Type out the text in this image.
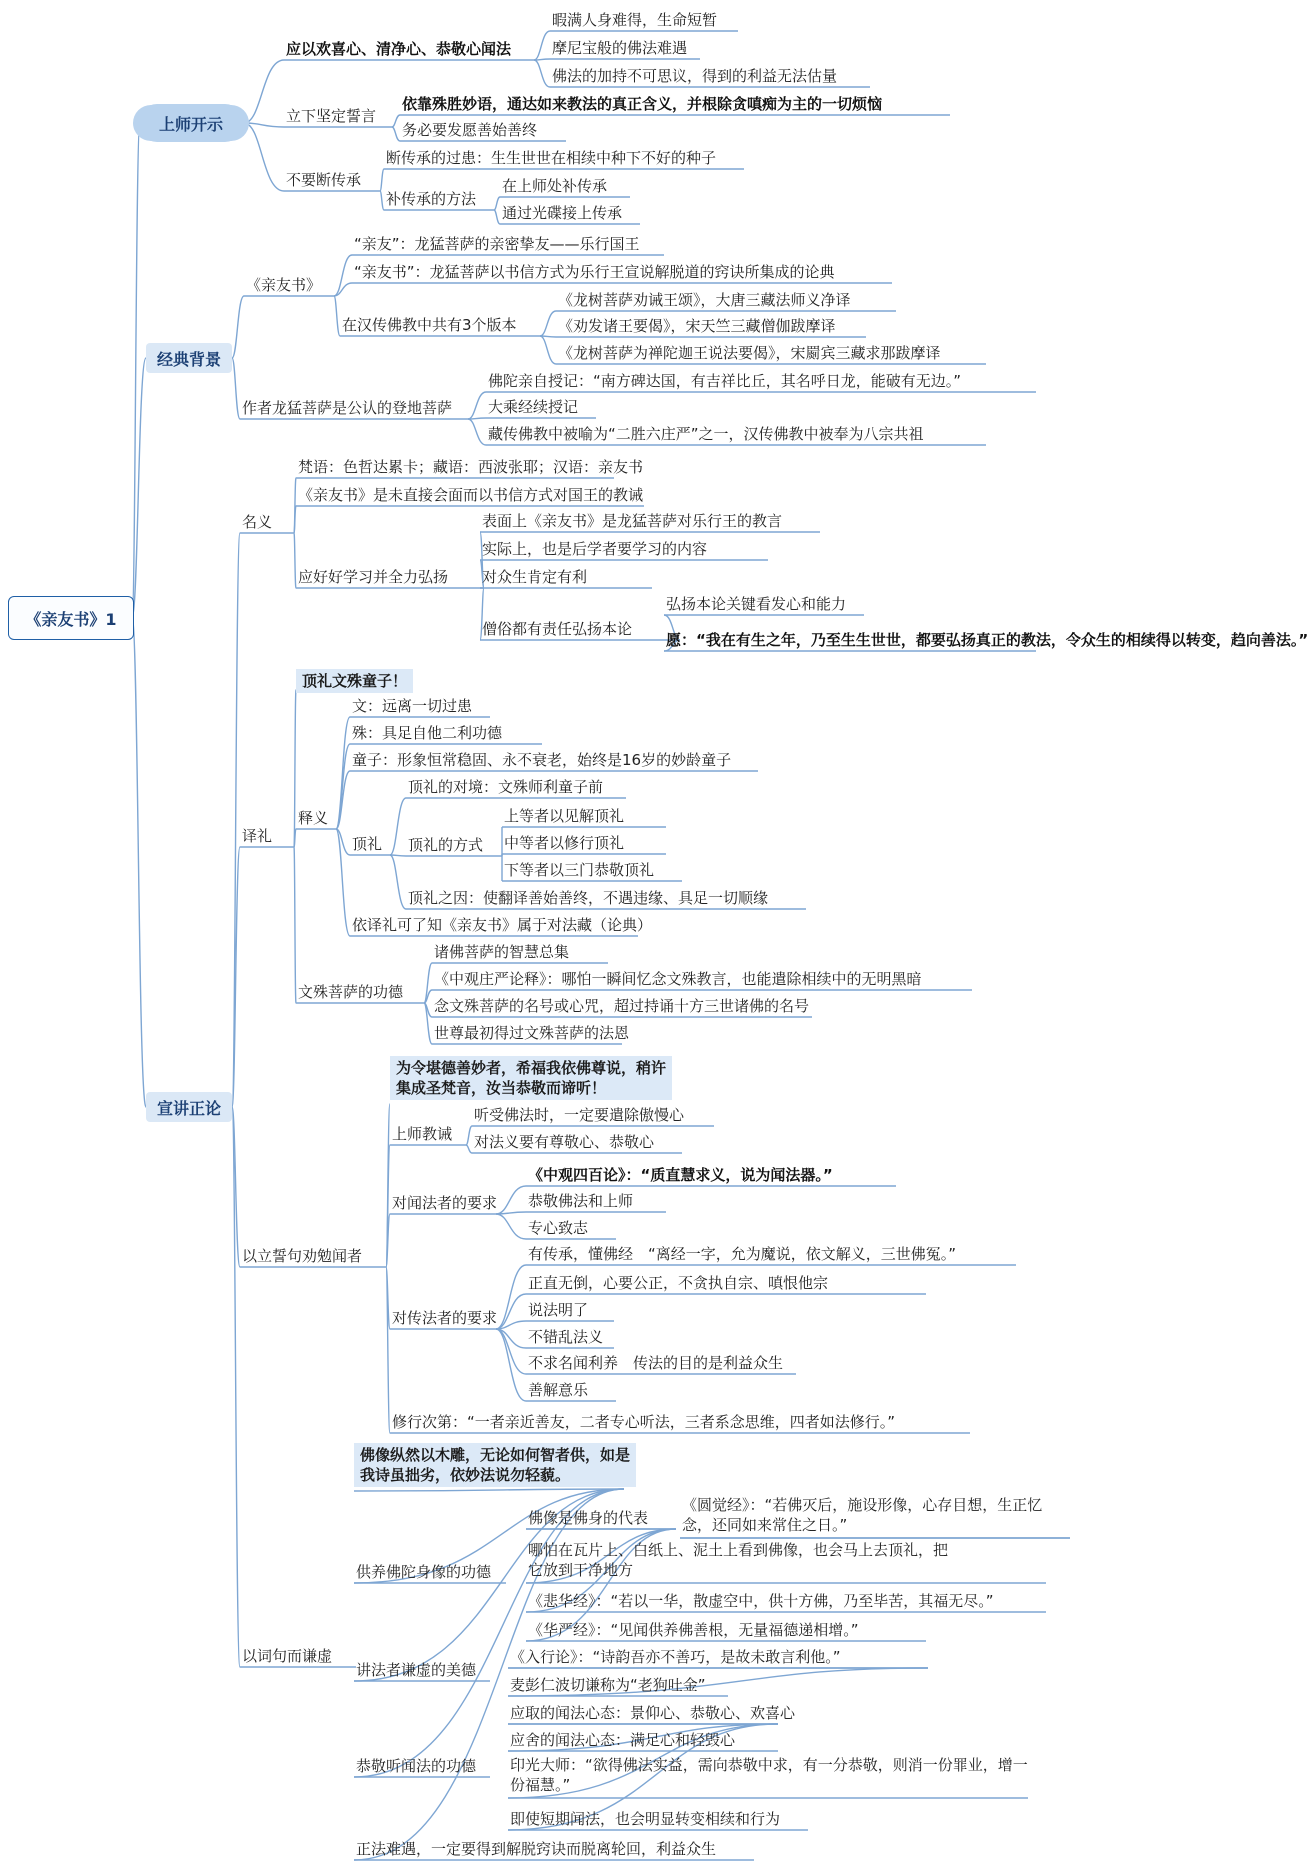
《亲友书》1
上师开示
经典背景
宣讲正论
应以欢喜心、清净心、恭敬心闻法
暇满人身难得，生命短暂
摩尼宝般的佛法难遇
佛法的加持不可思议，得到的利益无法估量
立下坚定誓言
依靠殊胜妙语，通达如来教法的真正含义，并根除贪嗔痴为主的一切烦恼
务必要发愿善始善终
不要断传承
断传承的过患：生生世世在相续中种下不好的种子
补传承的方法
在上师处补传承
通过光碟接上传承
《亲友书》
“亲友”：龙猛菩萨的亲密挚友——乐行国王
“亲友书”：龙猛菩萨以书信方式为乐行王宣说解脱道的窍诀所集成的论典
在汉传佛教中共有3个版本
《龙树菩萨劝诫王颂》，大唐三藏法师义净译
《劝发诸王要偈》，宋天竺三藏僧伽跋摩译
《龙树菩萨为禅陀迦王说法要偈》，宋罽宾三藏求那跋摩译
作者龙猛菩萨是公认的登地菩萨
佛陀亲自授记：“南方碑达国，有吉祥比丘，其名呼日龙，能破有无边。”
大乘经续授记
藏传佛教中被喻为“二胜六庄严”之一，汉传佛教中被奉为八宗共祖
名义
梵语：色哲达累卡；藏语：西波张耶；汉语：亲友书
《亲友书》是未直接会面而以书信方式对国王的教诫
应好好学习并全力弘扬
表面上《亲友书》是龙猛菩萨对乐行王的教言
实际上，也是后学者要学习的内容
对众生肯定有利
僧俗都有责任弘扬本论
弘扬本论关键看发心和能力
愿：“我在有生之年，乃至生生世世，都要弘扬真正的教法，令众生的相续得以转变，趋向善法。”
译礼
顶礼文殊童子！
释义
文：远离一切过患
殊：具足自他二利功德
童子：形象恒常稳固、永不衰老，始终是16岁的妙龄童子
顶礼
顶礼的对境：文殊师利童子前
顶礼的方式
上等者以见解顶礼
中等者以修行顶礼
下等者以三门恭敬顶礼
顶礼之因：使翻译善始善终，不遇违缘、具足一切顺缘
依译礼可了知《亲友书》属于对法藏（论典）
文殊菩萨的功德
诸佛菩萨的智慧总集
《中观庄严论释》：哪怕一瞬间忆念文殊教言，也能遣除相续中的无明黑暗
念文殊菩萨的名号或心咒，超过持诵十方三世诸佛的名号
世尊最初得过文殊菩萨的法恩
以立誓句劝勉闻者
为令堪德善妙者，希福我依佛尊说，稍许集成圣梵音，汝当恭敬而谛听！
上师教诫
听受佛法时，一定要遣除傲慢心
对法义要有尊敬心、恭敬心
对闻法者的要求
《中观四百论》：“质直慧求义，说为闻法器。”
恭敬佛法和上师
专心致志
对传法者的要求
有传承，懂佛经　“离经一字，允为魔说，依文解义，三世佛冤。”
正直无倒，心要公正，不贪执自宗、嗔恨他宗
说法明了
不错乱法义
不求名闻利养　传法的目的是利益众生
善解意乐
修行次第：“一者亲近善友，二者专心听法，三者系念思维，四者如法修行。”
以词句而谦虚
佛像纵然以木雕，无论如何智者供，如是我诗虽拙劣，依妙法说勿轻藐。
供养佛陀身像的功德
佛像是佛身的代表
《圆觉经》：“若佛灭后，施设形像，心存目想，生正忆念，还同如来常住之日。”
哪怕在瓦片上、白纸上、泥土上看到佛像，也会马上去顶礼，把它放到干净地方
《悲华经》：“若以一华，散虚空中，供十方佛，乃至毕苦，其福无尽。”
《华严经》：“见闻供养佛善根，无量福德递相增。”
讲法者谦虚的美德
《入行论》：“诗韵吾亦不善巧，是故未敢言利他。”
麦彭仁波切谦称为“老狗吐金”
恭敬听闻法的功德
应取的闻法心态：景仰心、恭敬心、欢喜心
应舍的闻法心态：满足心和轻毁心
印光大师：“欲得佛法实益，需向恭敬中求，有一分恭敬，则消一份罪业，增一份福慧。”
即使短期闻法，也会明显转变相续和行为
正法难遇，一定要得到解脱窍诀而脱离轮回，利益众生
